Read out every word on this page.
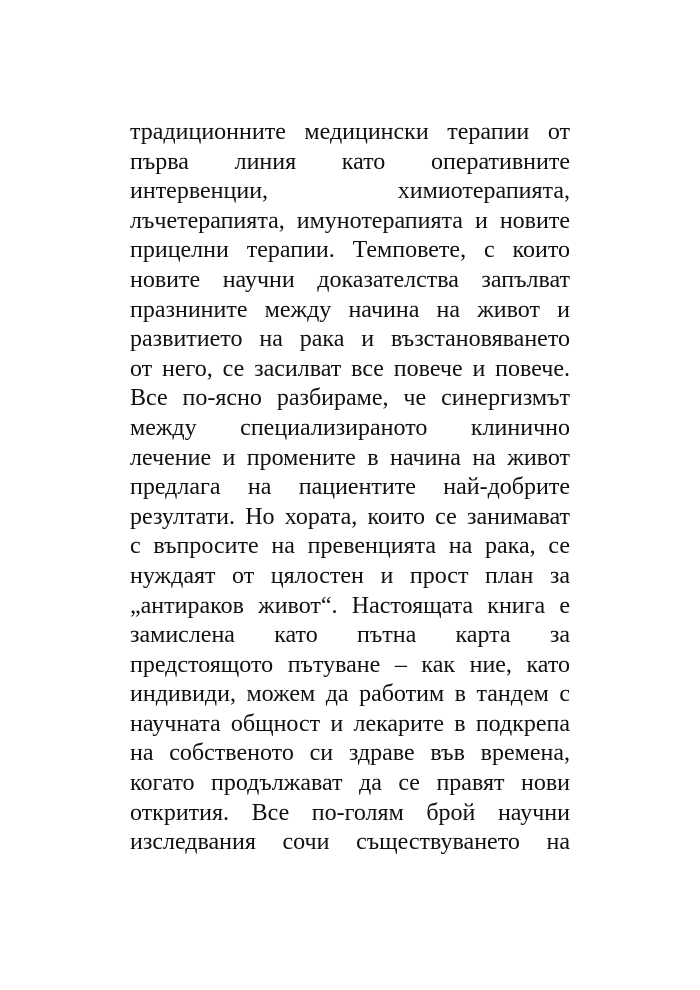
традиционните медицински терапии от
първа линия като оперативните
интервенции, химиотерапията,
лъчетерапията, имунотерапията и новите
прицелни терапии. Темповете, с които
новите научни доказателства запълват
празнините между начина на живот и
развитието на рака и възстановяването
от него, се засилват все повече и повече.
Все по-ясно разбираме, че синергизмът
между специализираното клинично
лечение и промените в начина на живот
предлага на пациентите най-добрите
резултати. Но хората, които се занимават
с въпросите на превенцията на рака, се
нуждаят от цялостен и прост план за
„антираков живот“. Настоящата книга е
замислена като пътна карта за
предстоящото пътуване – как ние, като
индивиди, можем да работим в тандем с
научната общност и лекарите в подкрепа
на собственото си здраве във времена,
когато продължават да се правят нови
открития. Все по-голям брой научни
изследвания сочи съществуването на
